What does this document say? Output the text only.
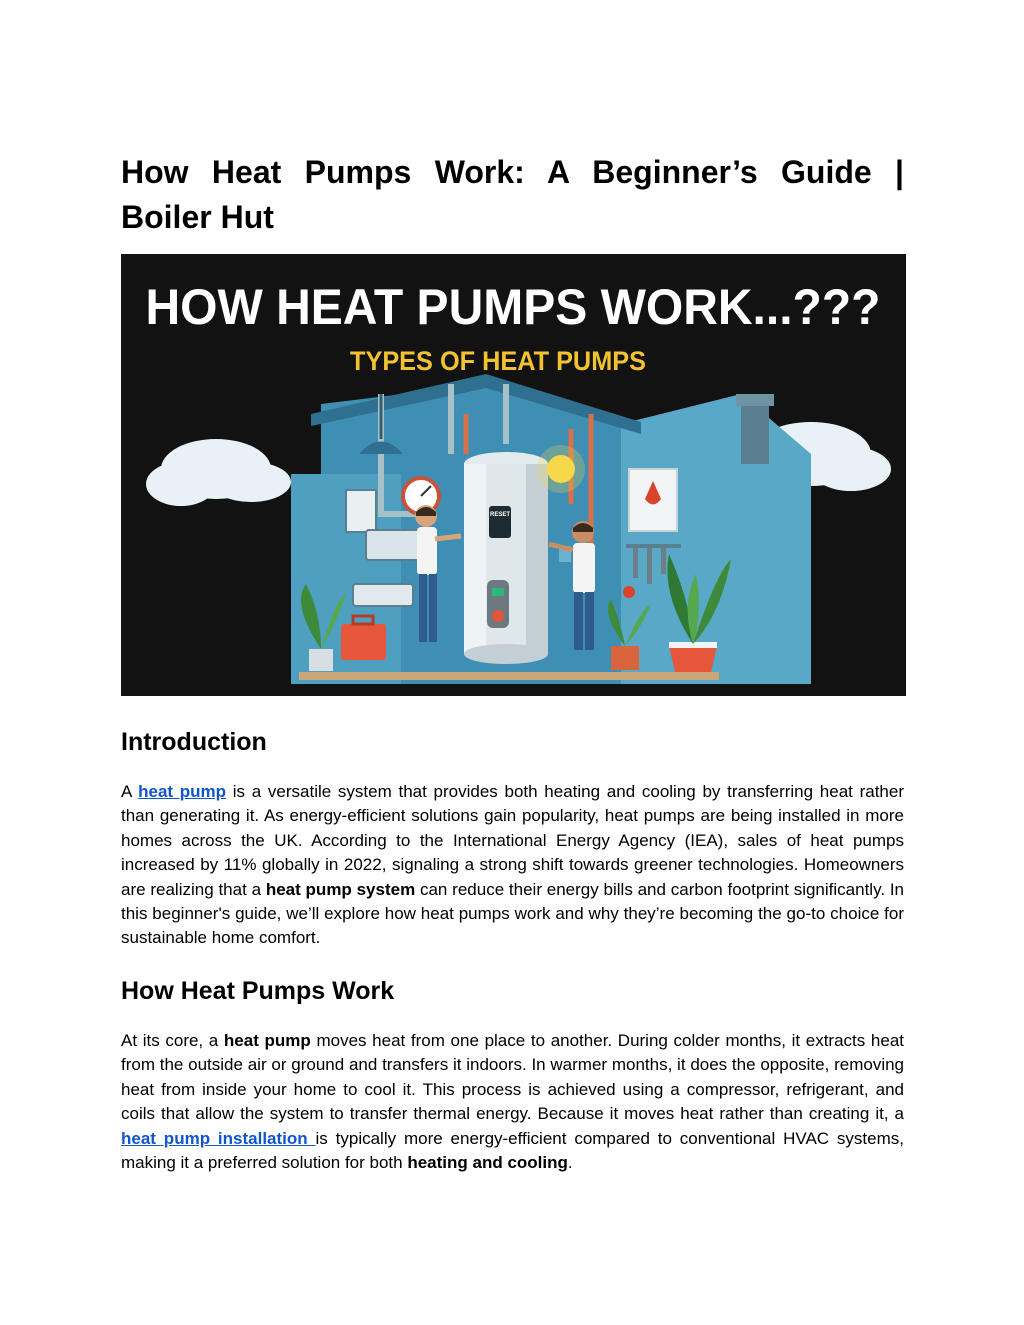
How Heat Pumps Work: A Beginner’s Guide |
Boiler Hut
HOW HEAT PUMPS WORK...???
TYPES OF HEAT PUMPS
RESET
Introduction

A heat pump is a versatile system that provides both heating and cooling by transferring heat rather than generating it. As energy-efficient solutions gain popularity, heat pumps are being installed in more homes across the UK. According to the International Energy Agency (IEA), sales of heat pumps increased by 11% globally in 2022, signaling a strong shift towards greener technologies. Homeowners are realizing that a heat pump system can reduce their energy bills and carbon footprint significantly. In this beginner's guide, we’ll explore how heat pumps work and why they’re becoming the go-to choice for sustainable home comfort.

How Heat Pumps Work

At its core, a heat pump moves heat from one place to another. During colder months, it extracts heat from the outside air or ground and transfers it indoors. In warmer months, it does the opposite, removing heat from inside your home to cool it. This process is achieved using a compressor, refrigerant, and coils that allow the system to transfer thermal energy. Because it moves heat rather than creating it, a heat pump installation is typically more energy-efficient compared to conventional HVAC systems, making it a preferred solution for both heating and cooling.
